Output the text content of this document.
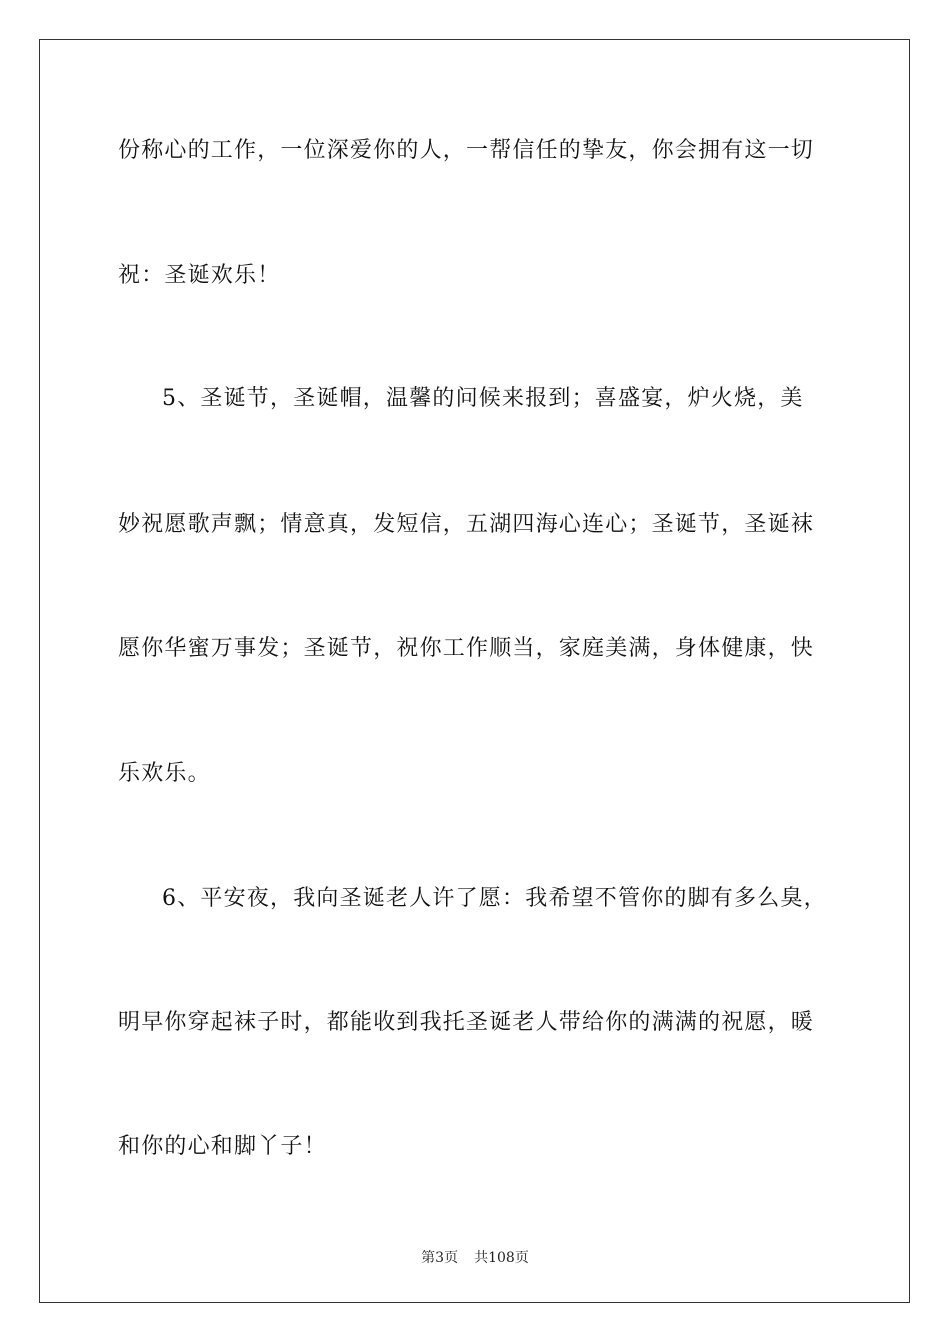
份称心的工作，一位深爱你的人，一帮信任的挚友，你会拥有这一切
祝：圣诞欢乐！
5、圣诞节，圣诞帽，温馨的问候来报到；喜盛宴，炉火烧，美
妙祝愿歌声飘；情意真，发短信，五湖四海心连心；圣诞节，圣诞袜
愿你华蜜万事发；圣诞节，祝你工作顺当，家庭美满，身体健康，快
乐欢乐。
6、平安夜，我向圣诞老人许了愿：我希望不管你的脚有多么臭，
明早你穿起袜子时，都能收到我托圣诞老人带给你的满满的祝愿，暖
和你的心和脚丫子！
第3页 共108页
